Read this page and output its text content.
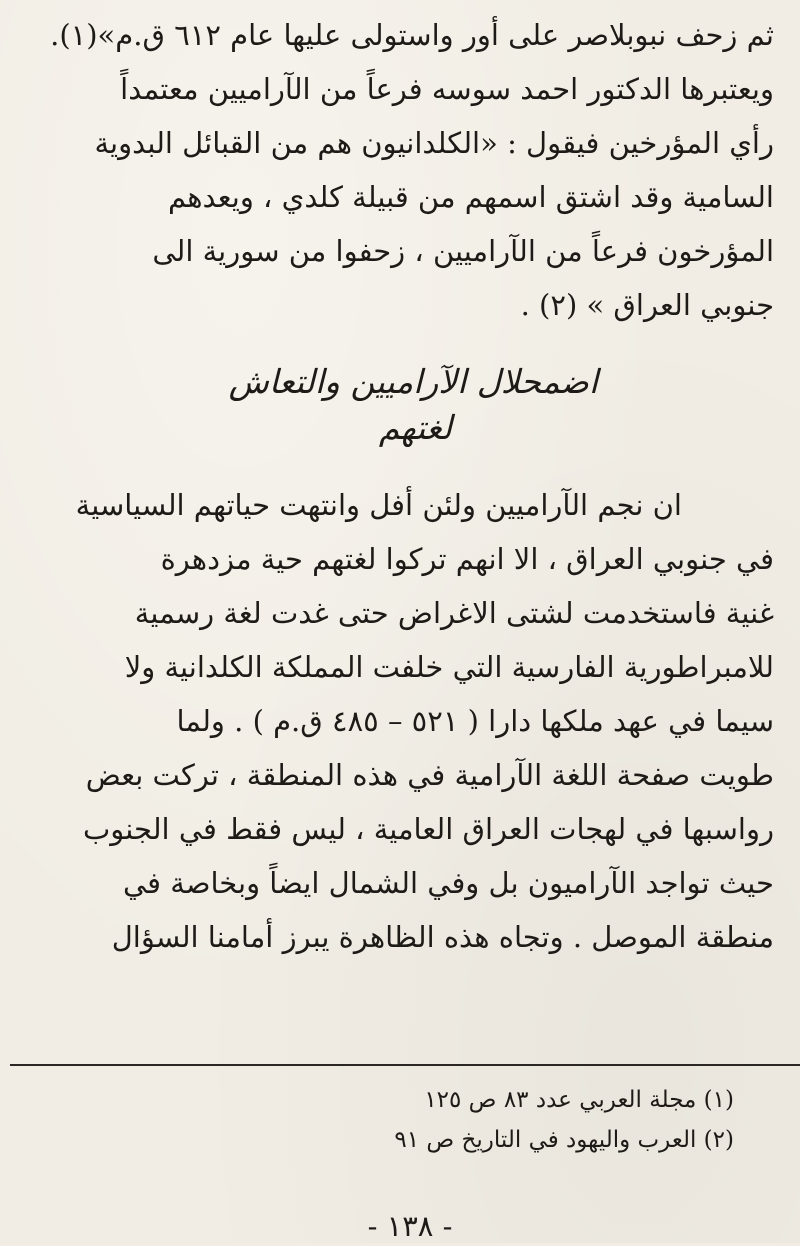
ثم زحف نبوبلاصر على أور واستولى عليها عام ٦١٢ ق.م»(١).
ويعتبرها الدكتور احمد سوسه فرعاً من الآراميين معتمداً
رأي المؤرخين فيقول : «الكلدانيون هم من القبائل البدوية
السامية وقد اشتق اسمهم من قبيلة كلدي ، ويعدهم
المؤرخون فرعاً من الآراميين ، زحفوا من سورية الى
جنوبي العراق » (٢) .
اضمحلال الآراميين والتعاش
لغتهم
ان نجم الآراميين ولئن أفل وانتهت حياتهم السياسية
في جنوبي العراق ، الا انهم تركوا لغتهم حية مزدهرة
غنية فاستخدمت لشتى الاغراض حتى غدت لغة رسمية
للامبراطورية الفارسية التي خلفت المملكة الكلدانية ولا
سيما في عهد ملكها دارا ( ٥٢١ – ٤٨٥ ق.م ) . ولما
طويت صفحة اللغة الآرامية في هذه المنطقة ، تركت بعض
رواسبها في لهجات العراق العامية ، ليس فقط في الجنوب
حيث تواجد الآراميون بل وفي الشمال ايضاً وبخاصة في
منطقة الموصل . وتجاه هذه الظاهرة يبرز أمامنا السؤال
(١) مجلة العربي عدد ٨٣ ص ١٢٥
(٢) العرب واليهود في التاريخ ص ٩١
- ١٣٨ -
